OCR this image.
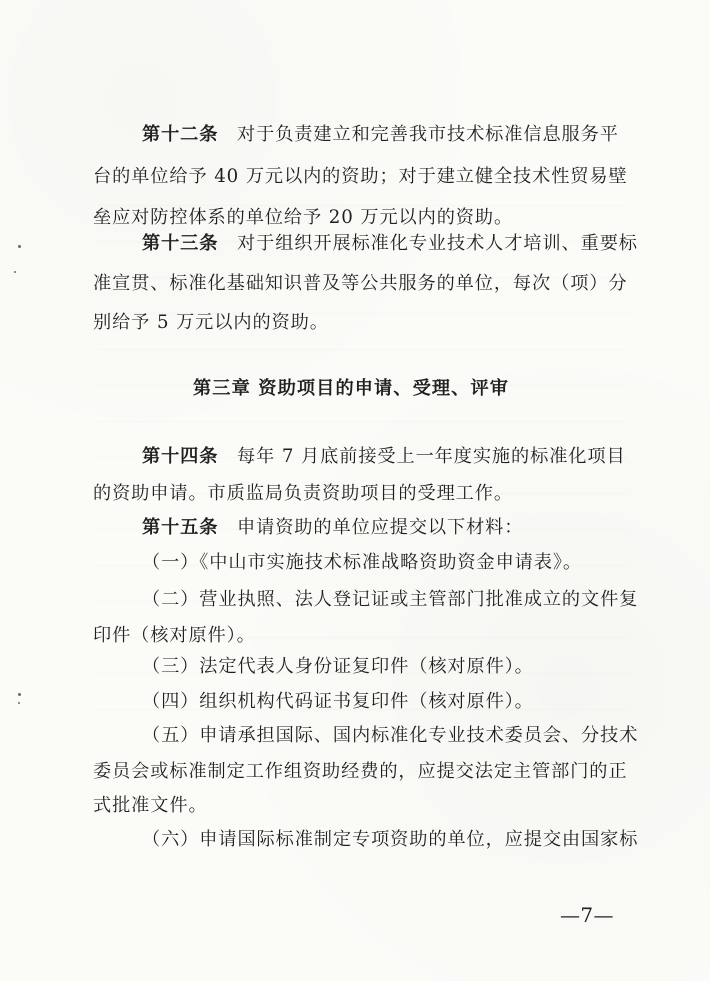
第十二条 对于负责建立和完善我市技术标准信息服务平
台的单位给予 40 万元以内的资助；对于建立健全技术性贸易壁
垒应对防控体系的单位给予 20 万元以内的资助。
第十三条 对于组织开展标准化专业技术人才培训、重要标
准宣贯、标准化基础知识普及等公共服务的单位，每次（项）分
别给予 5 万元以内的资助。
第三章 资助项目的申请、受理、评审
第十四条 每年 7 月底前接受上一年度实施的标准化项目
的资助申请。市质监局负责资助项目的受理工作。
第十五条 申请资助的单位应提交以下材料：
（一）《中山市实施技术标准战略资助资金申请表》。
（二）营业执照、法人登记证或主管部门批准成立的文件复
印件（核对原件）。
（三）法定代表人身份证复印件（核对原件）。
（四）组织机构代码证书复印件（核对原件）。
（五）申请承担国际、国内标准化专业技术委员会、分技术
委员会或标准制定工作组资助经费的，应提交法定主管部门的正
式批准文件。
（六）申请国际标准制定专项资助的单位，应提交由国家标
—7—
